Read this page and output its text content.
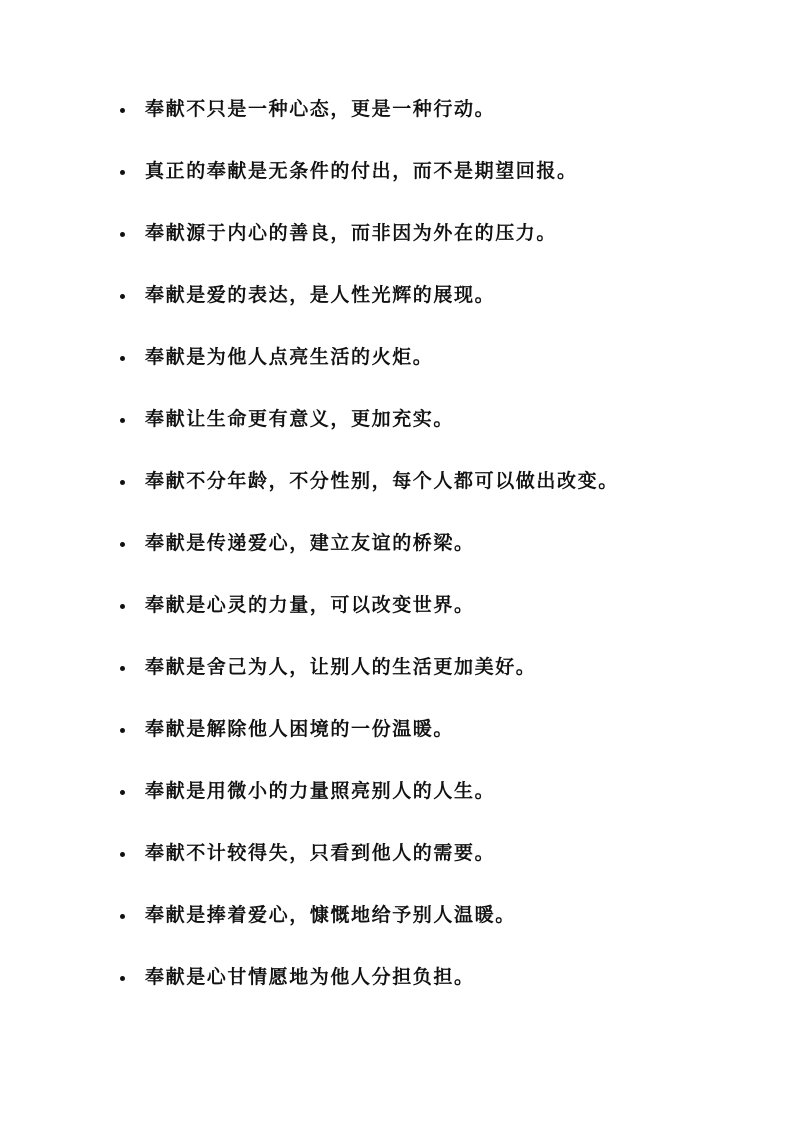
奉献不只是一种心态，更是一种行动。
真正的奉献是无条件的付出，而不是期望回报。
奉献源于内心的善良，而非因为外在的压力。
奉献是爱的表达，是人性光辉的展现。
奉献是为他人点亮生活的火炬。
奉献让生命更有意义，更加充实。
奉献不分年龄，不分性别，每个人都可以做出改变。
奉献是传递爱心，建立友谊的桥梁。
奉献是心灵的力量，可以改变世界。
奉献是舍己为人，让别人的生活更加美好。
奉献是解除他人困境的一份温暖。
奉献是用微小的力量照亮别人的人生。
奉献不计较得失，只看到他人的需要。
奉献是捧着爱心，慷慨地给予别人温暖。
奉献是心甘情愿地为他人分担负担。
